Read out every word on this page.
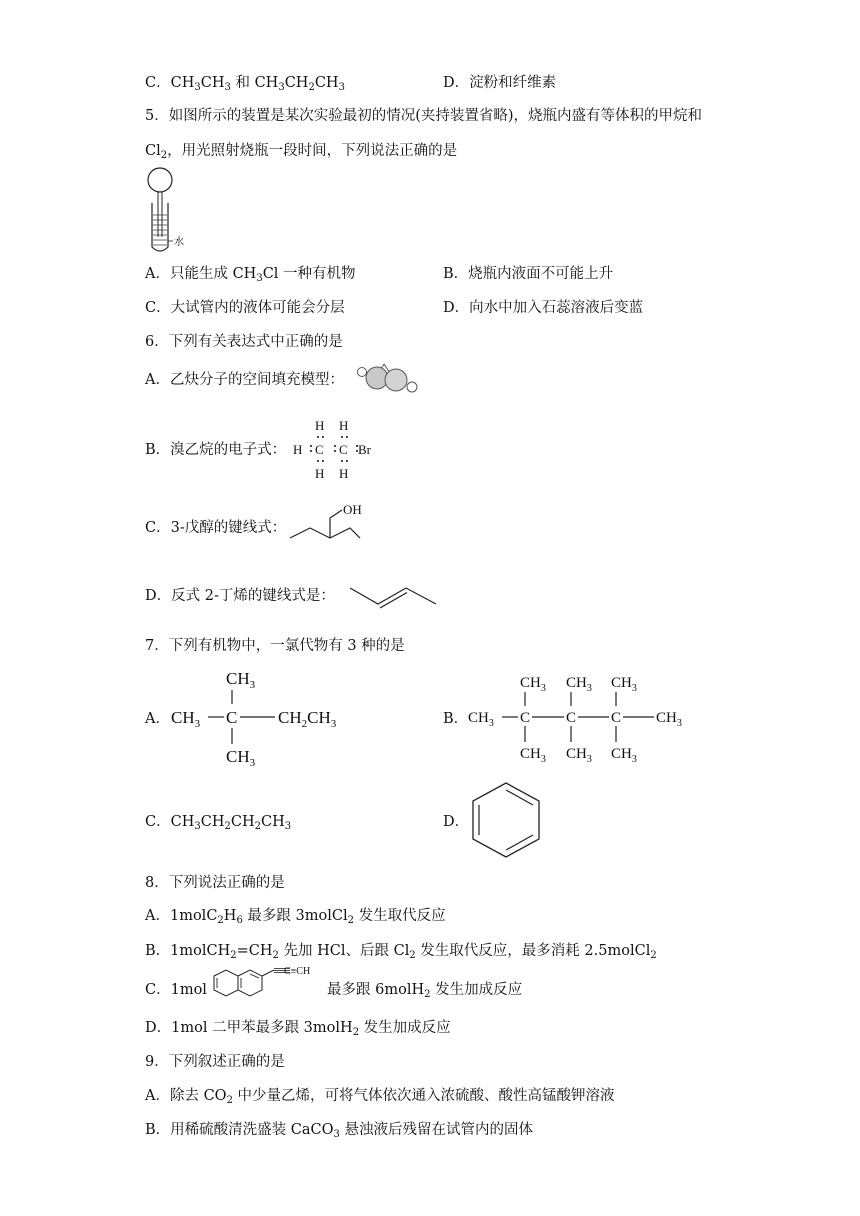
C．$CH_3CH_3$ 和 $CH_3CH_2CH_3$	D．淀粉和纤维素
5．如图所示的装置是某次实验最初的情况(夹持装置省略)，烧瓶内盛有等体积的甲烷和
$Cl_2$，用光照射烧瓶一段时间，下列说法正确的是
水
A．只能生成 $CH_3Cl$ 一种有机物	B．烧瓶内液面不可能上升
C．大试管内的液体可能会分层	D．向水中加入石蕊溶液后变蓝
6．下列有关表达式中正确的是
A．乙炔分子的空间填充模型：
B．溴乙烷的电子式：
H H
H C C Br
H H
C．3-戊醇的键线式：
OH
D．反式 2-丁烯的键线式是：
7．下列有机物中，一氯代物有 3 种的是
A．
$CH_3$
$CH_3$ C $CH_2CH_3$
$CH_3$
B．
$CH_3$ $CH_3$ $CH_3$
$CH_3$ C C C $CH_3$
$CH_3$ $CH_3$ $CH_3$
C．$CH_3CH_2CH_2CH_3$	D．
8．下列说法正确的是
A．$1molC_2H_6$ 最多跟 3molCl$_2$ 发生取代反应
B．$1molCH_2=CH_2$ 先加 HCl、后跟 $Cl_2$ 发生取代反应，最多消耗 2.5molCl$_2$
C．1mol
C≡CH
最多跟 6molH$_2$ 发生加成反应
D．1mol 二甲苯最多跟 3molH$_2$ 发生加成反应
9．下列叙述正确的是
A．除去 $CO_2$ 中少量乙烯，可将气体依次通入浓硫酸、酸性高锰酸钾溶液
B．用稀硫酸清洗盛装 CaCO$_3$ 悬浊液后残留在试管内的固体
